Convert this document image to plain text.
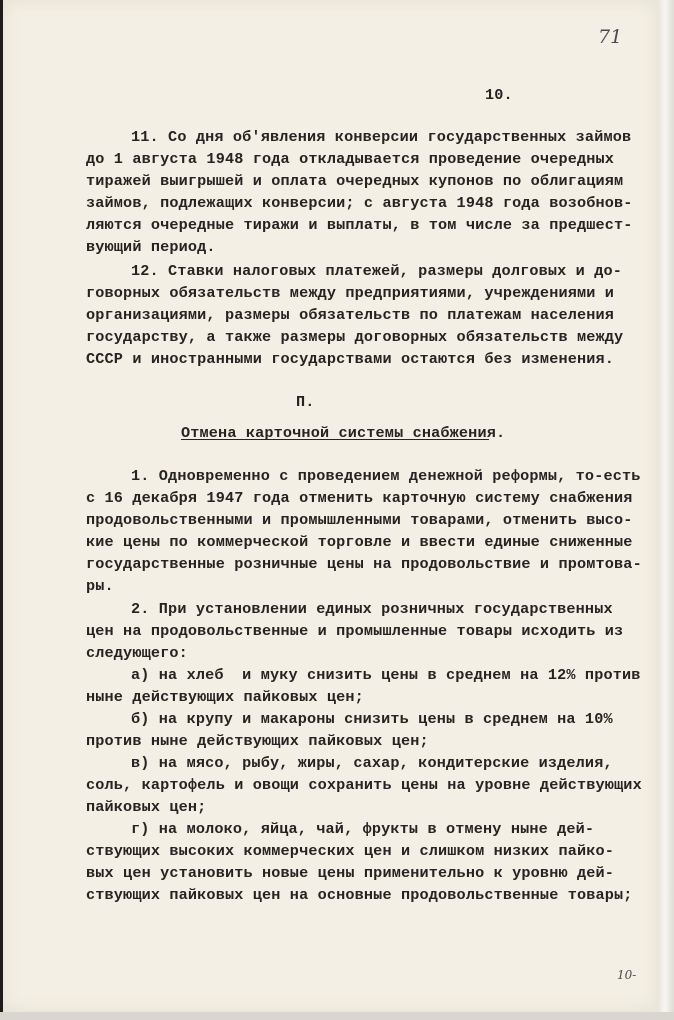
71
10.
11. Со дня об'явления конверсии государственных займов
до 1 августа 1948 года откладывается проведение очередных
тиражей выигрышей и оплата очередных купонов по облигациям
займов, подлежащих конверсии; с августа 1948 года возобнов-
ляются очередные тиражи и выплаты, в том числе за предшест-
вующий период.
12. Ставки налоговых платежей, размеры долговых и до-
говорных обязательств между предприятиями, учреждениями и
организациями, размеры обязательств по платежам населения
государству, а также размеры договорных обязательств между
СССР и иностранными государствами остаются без изменения.
П.
Отмена карточной системы снабжения.
1. Одновременно с проведением денежной реформы, то-есть
с 16 декабря 1947 года отменить карточную систему снабжения
продовольственными и промышленными товарами, отменить высо-
кие цены по коммерческой торговле и ввести единые сниженные
государственные розничные цены на продовольствие и промтова-
ры.
2. При установлении единых розничных государственных
цен на продовольственные и промышленные товары исходить из
следующего:
а) на хлеб  и муку снизить цены в среднем на 12% против
ныне действующих пайковых цен;
б) на крупу и макароны снизить цены в среднем на 10%
против ныне действующих пайковых цен;
в) на мясо, рыбу, жиры, сахар, кондитерские изделия,
соль, картофель и овощи сохранить цены на уровне действующих
пайковых цен;
г) на молоко, яйца, чай, фрукты в отмену ныне дей-
ствующих высоких коммерческих цен и слишком низких пайко-
вых цен установить новые цены применительно к уровню дей-
ствующих пайковых цен на основные продовольственные товары;
10-
